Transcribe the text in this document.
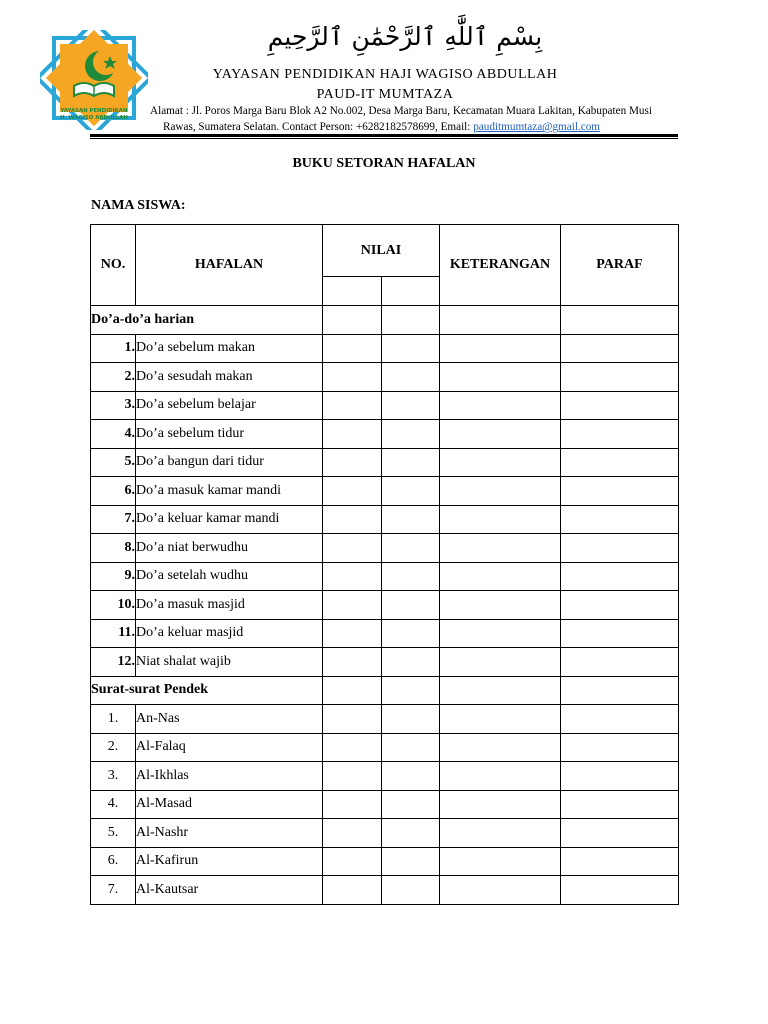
YAYASAN PENDIDIKAN
H. WAGISO ABDULLAH
بِسْمِ ٱللَّٰهِ ٱلرَّحْمَٰنِ ٱلرَّحِيمِ
YAYASAN PENDIDIKAN HAJI WAGISO ABDULLAH
PAUD-IT MUMTAZA
Alamat : Jl. Poros Marga Baru Blok A2 No.002, Desa Marga Baru, Kecamatan Muara Lakitan, Kabupaten Musi
Rawas, Sumatera Selatan. Contact Person: +6282182578699, Email: pauditmumtaza@gmail.com
BUKU SETORAN HAFALAN
NAMA SISWA:
NO.	HAFALAN	NILAI		KETERANGAN	PARAF

Do’a-do’a harian					
1.	Do’a sebelum makan				
2.	Do’a sesudah makan				
3.	Do’a sebelum belajar				
4.	Do’a sebelum tidur				
5.	Do’a bangun dari tidur				
6.	Do’a masuk kamar mandi				
7.	Do’a keluar kamar mandi				
8.	Do’a niat berwudhu				
9.	Do’a setelah wudhu				
10.	Do’a masuk masjid				
11.	Do’a keluar masjid				
12.	Niat shalat wajib				
Surat-surat Pendek					
1.	An-Nas				
2.	Al-Falaq				
3.	Al-Ikhlas				
4.	Al-Masad				
5.	Al-Nashr				
6.	Al-Kafirun				
7.	Al-Kautsar				
